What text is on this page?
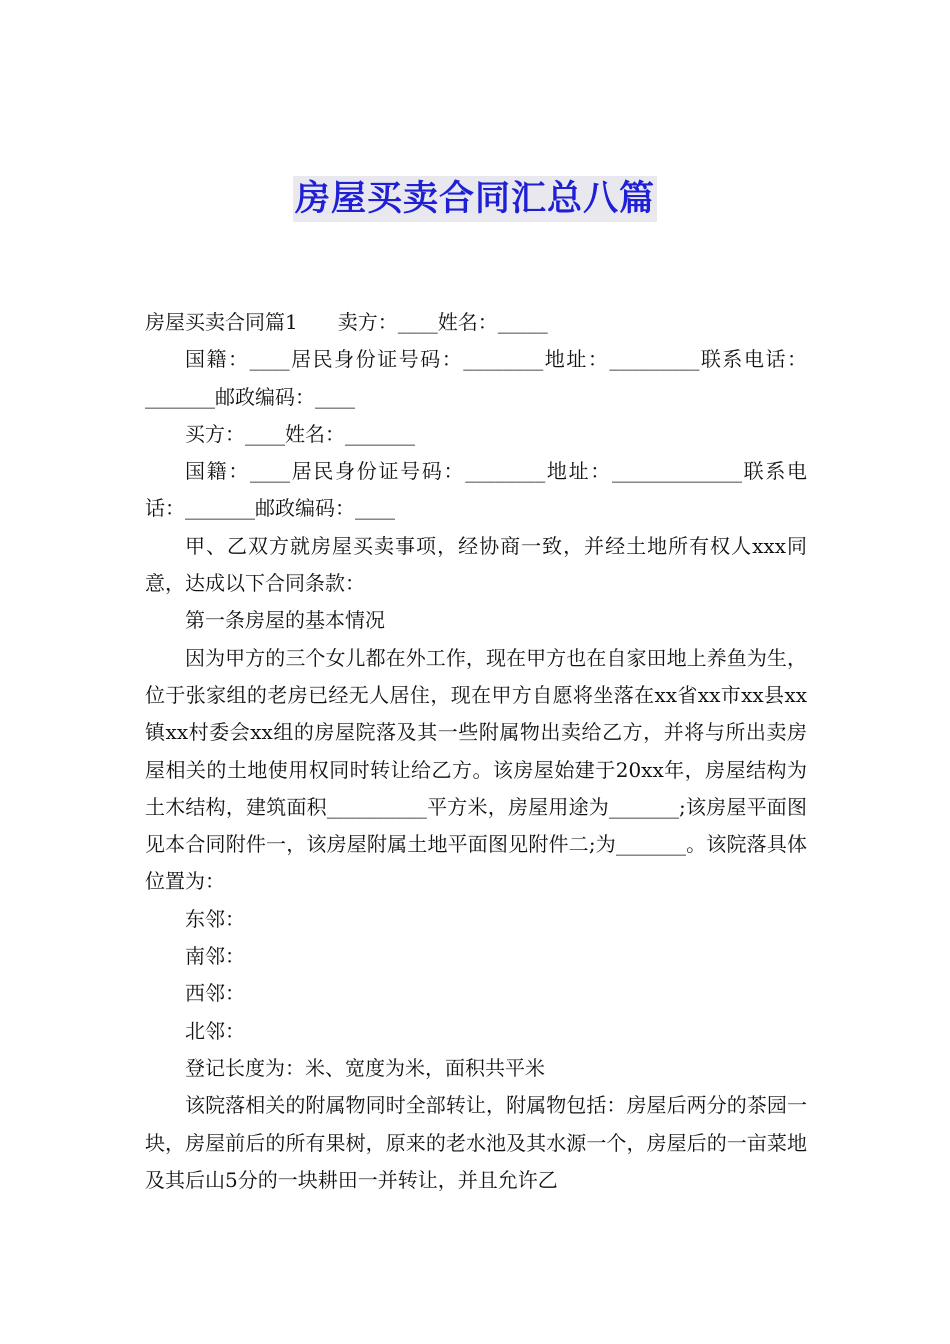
房屋买卖合同汇总八篇

房屋买卖合同篇1　　卖方：____姓名：_____

国籍：____居民身份证号码：________地址：_________联系电话：_______邮政编码：____

买方：____姓名：_______

国籍：____居民身份证号码：________地址：_____________联系电话：_______邮政编码：____

甲、乙双方就房屋买卖事项，经协商一致，并经土地所有权人xxx同意，达成以下合同条款：

第一条房屋的基本情况

因为甲方的三个女儿都在外工作，现在甲方也在自家田地上养鱼为生，位于张家组的老房已经无人居住，现在甲方自愿将坐落在xx省xx市xx县xx镇xx村委会xx组的房屋院落及其一些附属物出卖给乙方，并将与所出卖房屋相关的土地使用权同时转让给乙方。该房屋始建于20xx年，房屋结构为土木结构，建筑面积__________平方米，房屋用途为_______;该房屋平面图见本合同附件一，该房屋附属土地平面图见附件二;为_______。该院落具体位置为：

东邻：

南邻：

西邻：

北邻：

登记长度为：米、宽度为米，面积共平米

该院落相关的附属物同时全部转让，附属物包括：房屋后两分的茶园一块，房屋前后的所有果树，原来的老水池及其水源一个，房屋后的一亩菜地及其后山5分的一块耕田一并转让，并且允许乙
